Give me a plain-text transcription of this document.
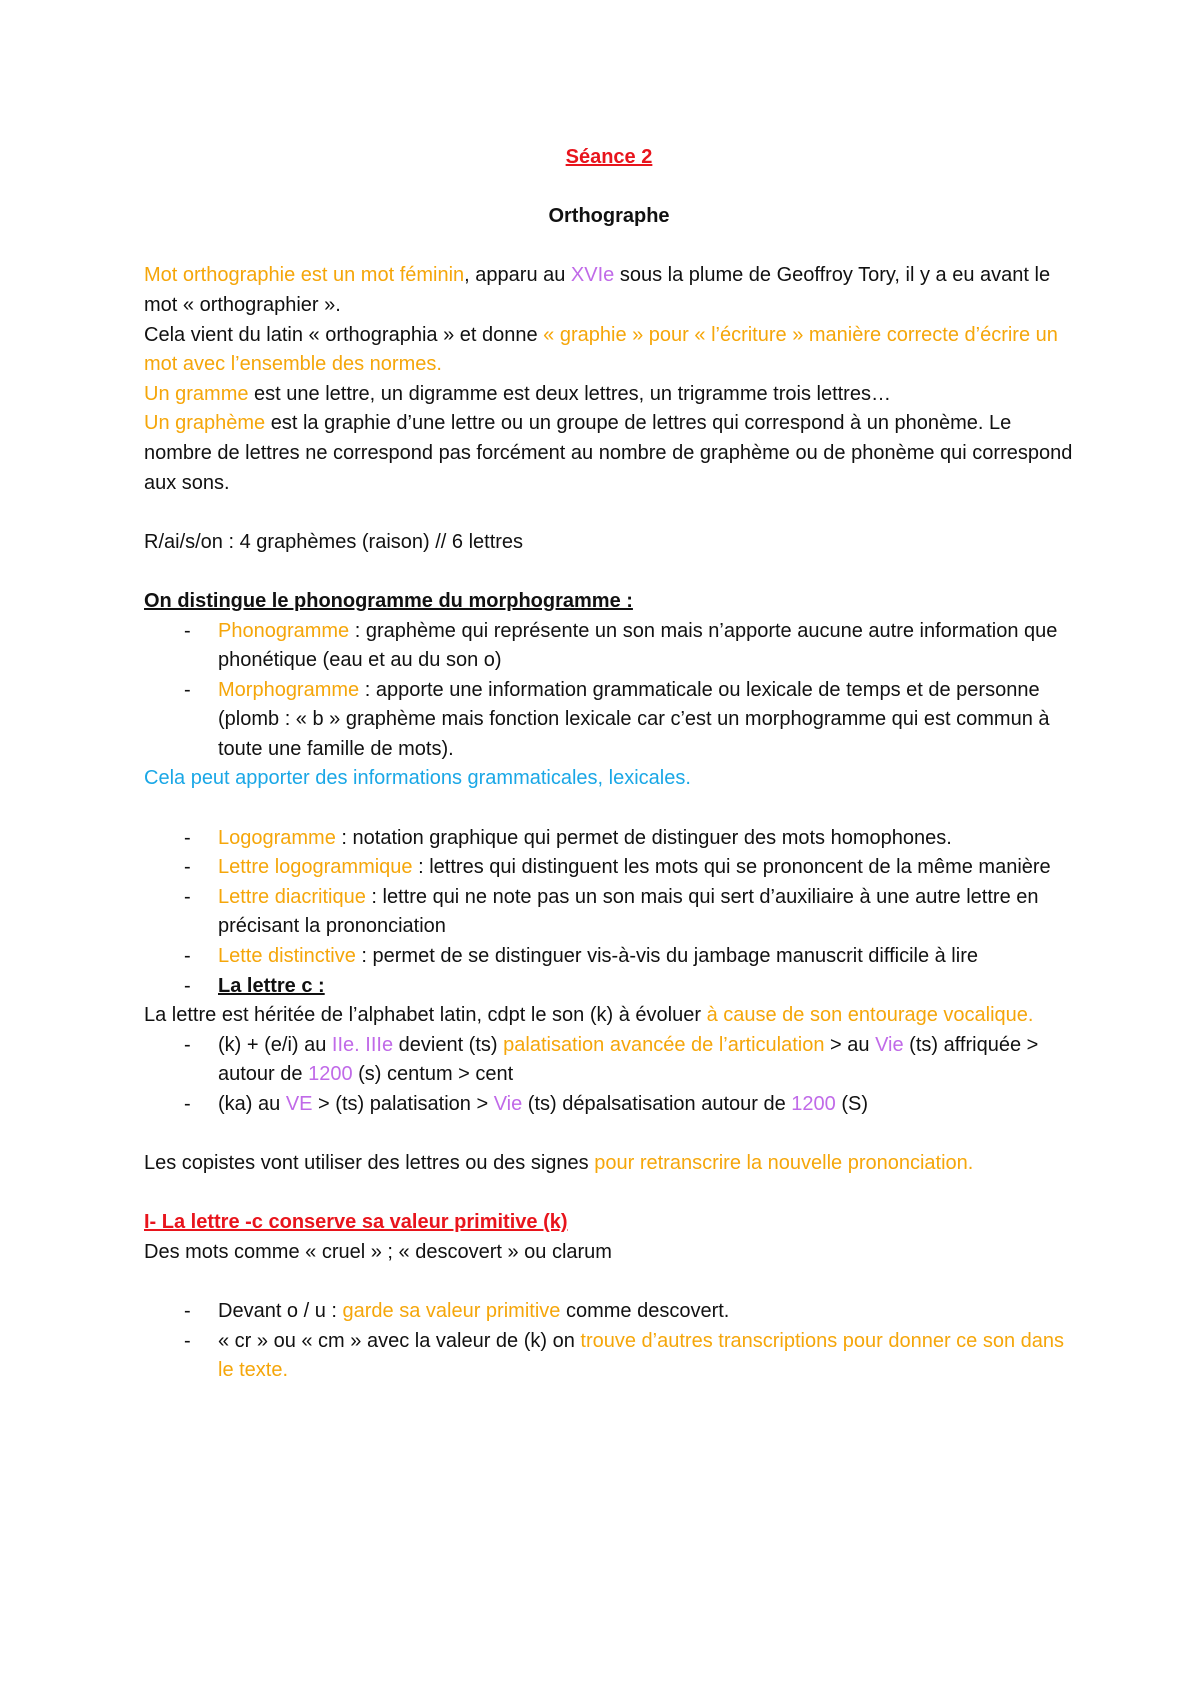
Séance 2

Orthographe

Mot orthographie est un mot féminin, apparu au XVIe sous la plume de Geoffroy Tory, il y a eu avant le mot « orthographier ».

Cela vient du latin « orthographia » et donne « graphie » pour « l’écriture » manière correcte d’écrire un mot avec l’ensemble des normes.

Un gramme est une lettre, un digramme est deux lettres, un trigramme trois lettres…

Un graphème est la graphie d’une lettre ou un groupe de lettres qui correspond à un phonème. Le nombre de lettres ne correspond pas forcément au nombre de graphème ou de phonème qui correspond aux sons.

R/ai/s/on : 4 graphèmes (raison) // 6 lettres

On distingue le phonogramme du morphogramme :

- Phonogramme : graphème qui représente un son mais n’apporte aucune autre information que phonétique (eau et au du son o)
- Morphogramme : apporte une information grammaticale ou lexicale de temps et de personne (plomb : « b » graphème mais fonction lexicale car c’est un morphogramme qui est commun à toute une famille de mots).

Cela peut apporter des informations grammaticales, lexicales.

- Logogramme : notation graphique qui permet de distinguer des mots homophones.
- Lettre logogrammique : lettres qui distinguent les mots qui se prononcent de la même manière
- Lettre diacritique : lettre qui ne note pas un son mais qui sert d’auxiliaire à une autre lettre en précisant la prononciation
- Lette distinctive : permet de se distinguer vis-à-vis du jambage manuscrit difficile à lire
- La lettre c :

La lettre est héritée de l’alphabet latin, cdpt le son (k) à évoluer à cause de son entourage vocalique.

- (k) + (e/i) au IIe. IIIe devient (ts) palatisation avancée de l’articulation > au Vie (ts) affriquée > autour de 1200 (s) centum > cent
- (ka) au VE > (ts) palatisation > Vie (ts) dépalsatisation autour de 1200 (S)

Les copistes vont utiliser des lettres ou des signes pour retranscrire la nouvelle prononciation.

I- La lettre -c conserve sa valeur primitive (k)

Des mots comme « cruel » ; « descovert » ou clarum

- Devant o / u : garde sa valeur primitive comme descovert.
- « cr » ou « cm » avec la valeur de (k) on trouve d’autres transcriptions pour donner ce son dans le texte.
